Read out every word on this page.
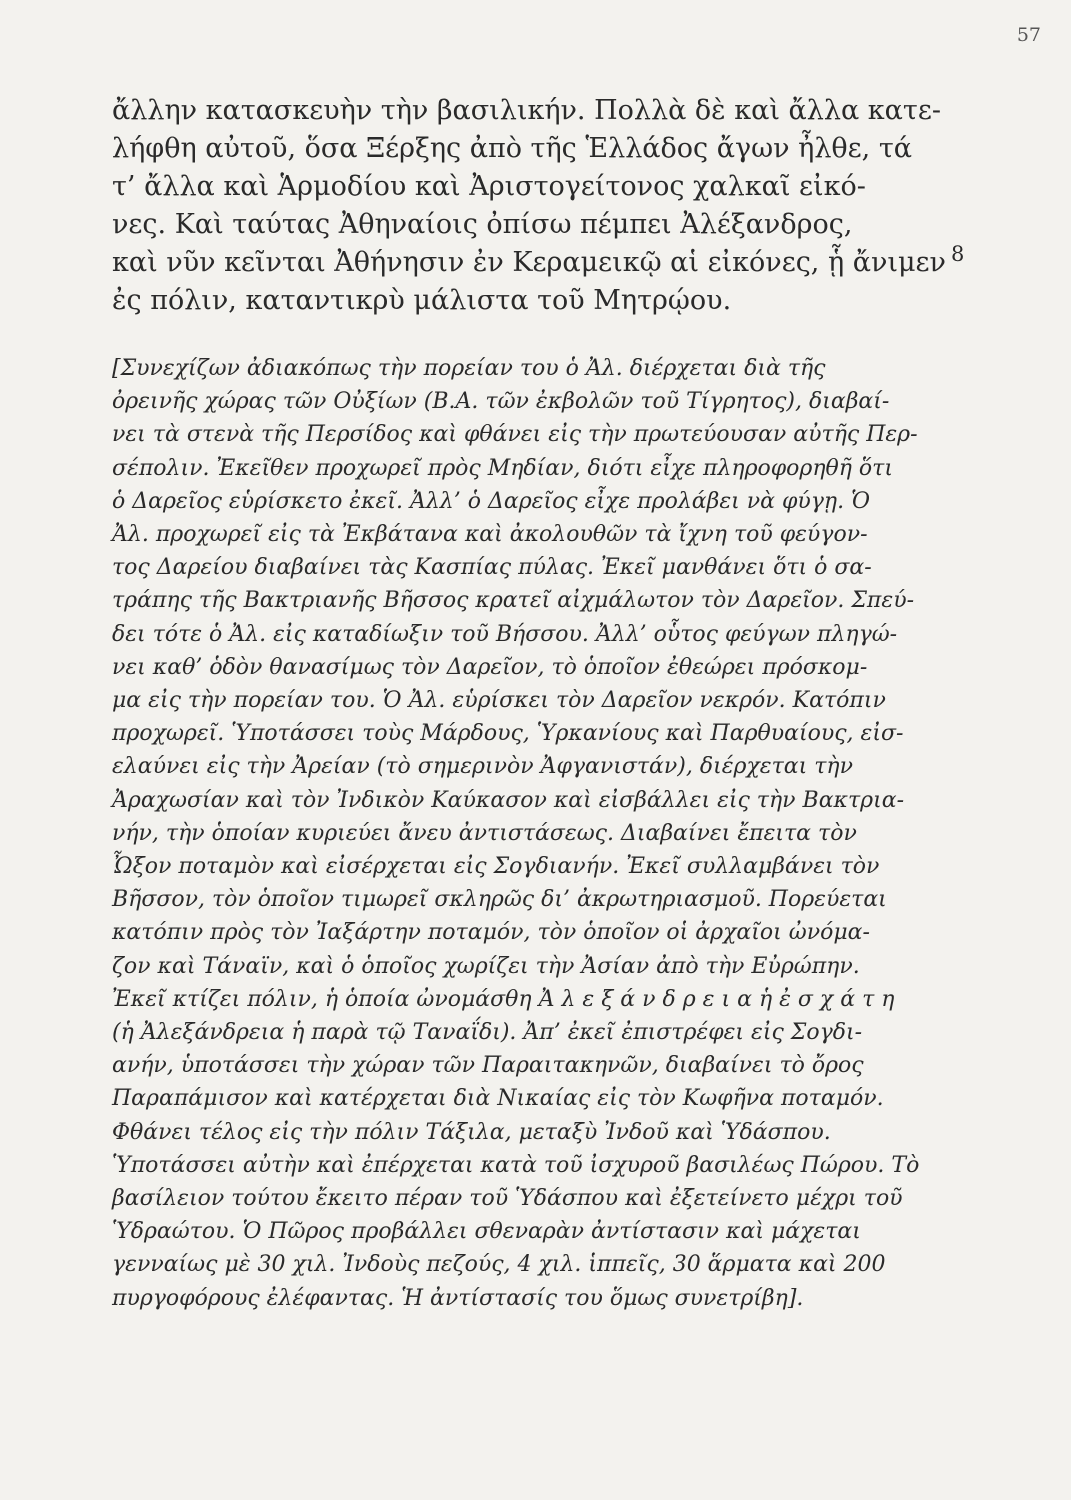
57
ἄλλην κατασκευὴν τὴν βασιλικήν. Πολλὰ δὲ καὶ ἄλλα κατε-
λήφθη αὐτοῦ, ὅσα Ξέρξης ἀπὸ τῆς Ἑλλάδος ἄγων ἦλθε, τά
τ’ ἄλλα καὶ Ἁρμοδίου καὶ Ἀριστογείτονος χαλκαῖ εἰκό-
νες. Καὶ ταύτας Ἀθηναίοις ὀπίσω πέμπει Ἀλέξανδρος,
καὶ νῦν κεῖνται Ἀθήνησιν ἐν Κεραμεικῷ αἱ εἰκόνες, ᾗ ἄνιμεν
ἐς πόλιν, καταντικρὺ μάλιστα τοῦ Μητρῴου.
8
[Συνεχίζων ἀδιακόπως τὴν πορείαν του ὁ Ἀλ. διέρχεται διὰ τῆς
ὀρεινῆς χώρας τῶν Οὐξίων (Β.Α. τῶν ἐκβολῶν τοῦ Τίγρητος), διαβαί-
νει τὰ στενὰ τῆς Περσίδος καὶ φθάνει εἰς τὴν πρωτεύουσαν αὐτῆς Περ-
σέπολιν. Ἐκεῖθεν προχωρεῖ πρὸς Μηδίαν, διότι εἶχε πληροφορηθῆ ὅτι
ὁ Δαρεῖος εὑρίσκετο ἐκεῖ. Ἀλλ’ ὁ Δαρεῖος εἶχε προλάβει νὰ φύγῃ. Ὁ
Ἀλ. προχωρεῖ εἰς τὰ Ἐκβάτανα καὶ ἀκολουθῶν τὰ ἴχνη τοῦ φεύγον-
τος Δαρείου διαβαίνει τὰς Κασπίας πύλας. Ἐκεῖ μανθάνει ὅτι ὁ σα-
τράπης τῆς Βακτριανῆς Βῆσσος κρατεῖ αἰχμάλωτον τὸν Δαρεῖον. Σπεύ-
δει τότε ὁ Ἀλ. εἰς καταδίωξιν τοῦ Βήσσου. Ἀλλ’ οὗτος φεύγων πληγώ-
νει καθ’ ὁδὸν θανασίμως τὸν Δαρεῖον, τὸ ὁποῖον ἐθεώρει πρόσκομ-
μα εἰς τὴν πορείαν του. Ὁ Ἀλ. εὑρίσκει τὸν Δαρεῖον νεκρόν. Κατόπιν
προχωρεῖ. Ὑποτάσσει τοὺς Μάρδους, Ὑρκανίους καὶ Παρθυαίους, εἰσ-
ελαύνει εἰς τὴν Ἀρείαν (τὸ σημερινὸν Ἀφγανιστάν), διέρχεται τὴν
Ἀραχωσίαν καὶ τὸν Ἰνδικὸν Καύκασον καὶ εἰσβάλλει εἰς τὴν Βακτρια-
νήν, τὴν ὁποίαν κυριεύει ἄνευ ἀντιστάσεως. Διαβαίνει ἔπειτα τὸν
Ὦξον ποταμὸν καὶ εἰσέρχεται εἰς Σογδιανήν. Ἐκεῖ συλλαμβάνει τὸν
Βῆσσον, τὸν ὁποῖον τιμωρεῖ σκληρῶς δι’ ἀκρωτηριασμοῦ. Πορεύεται
κατόπιν πρὸς τὸν Ἰαξάρτην ποταμόν, τὸν ὁποῖον οἱ ἀρχαῖοι ὠνόμα-
ζον καὶ Τάναϊν, καὶ ὁ ὁποῖος χωρίζει τὴν Ἀσίαν ἀπὸ τὴν Εὐρώπην.
Ἐκεῖ κτίζει πόλιν, ἡ ὁποία ὠνομάσθη Ἀ λ ε ξ ά ν δ ρ ε ι α ἡ ἐ σ χ ά τ η
(ἡ Ἀλεξάνδρεια ἡ παρὰ τῷ Ταναΐδι). Ἀπ’ ἐκεῖ ἐπιστρέφει εἰς Σογδι-
ανήν, ὑποτάσσει τὴν χώραν τῶν Παραιτακηνῶν, διαβαίνει τὸ ὄρος
Παραπάμισον καὶ κατέρχεται διὰ Νικαίας εἰς τὸν Κωφῆνα ποταμόν.
Φθάνει τέλος εἰς τὴν πόλιν Τάξιλα, μεταξὺ Ἰνδοῦ καὶ Ὑδάσπου.
Ὑποτάσσει αὐτὴν καὶ ἐπέρχεται κατὰ τοῦ ἰσχυροῦ βασιλέως Πώρου. Τὸ
βασίλειον τούτου ἔκειτο πέραν τοῦ Ὑδάσπου καὶ ἐξετείνετο μέχρι τοῦ
Ὑδραώτου. Ὁ Πῶρος προβάλλει σθεναρὰν ἀντίστασιν καὶ μάχεται
γενναίως μὲ 30 χιλ. Ἰνδοὺς πεζούς, 4 χιλ. ἱππεῖς, 30 ἅρματα καὶ 200
πυργοφόρους ἐλέφαντας. Ἡ ἀντίστασίς του ὅμως συνετρίβη].
